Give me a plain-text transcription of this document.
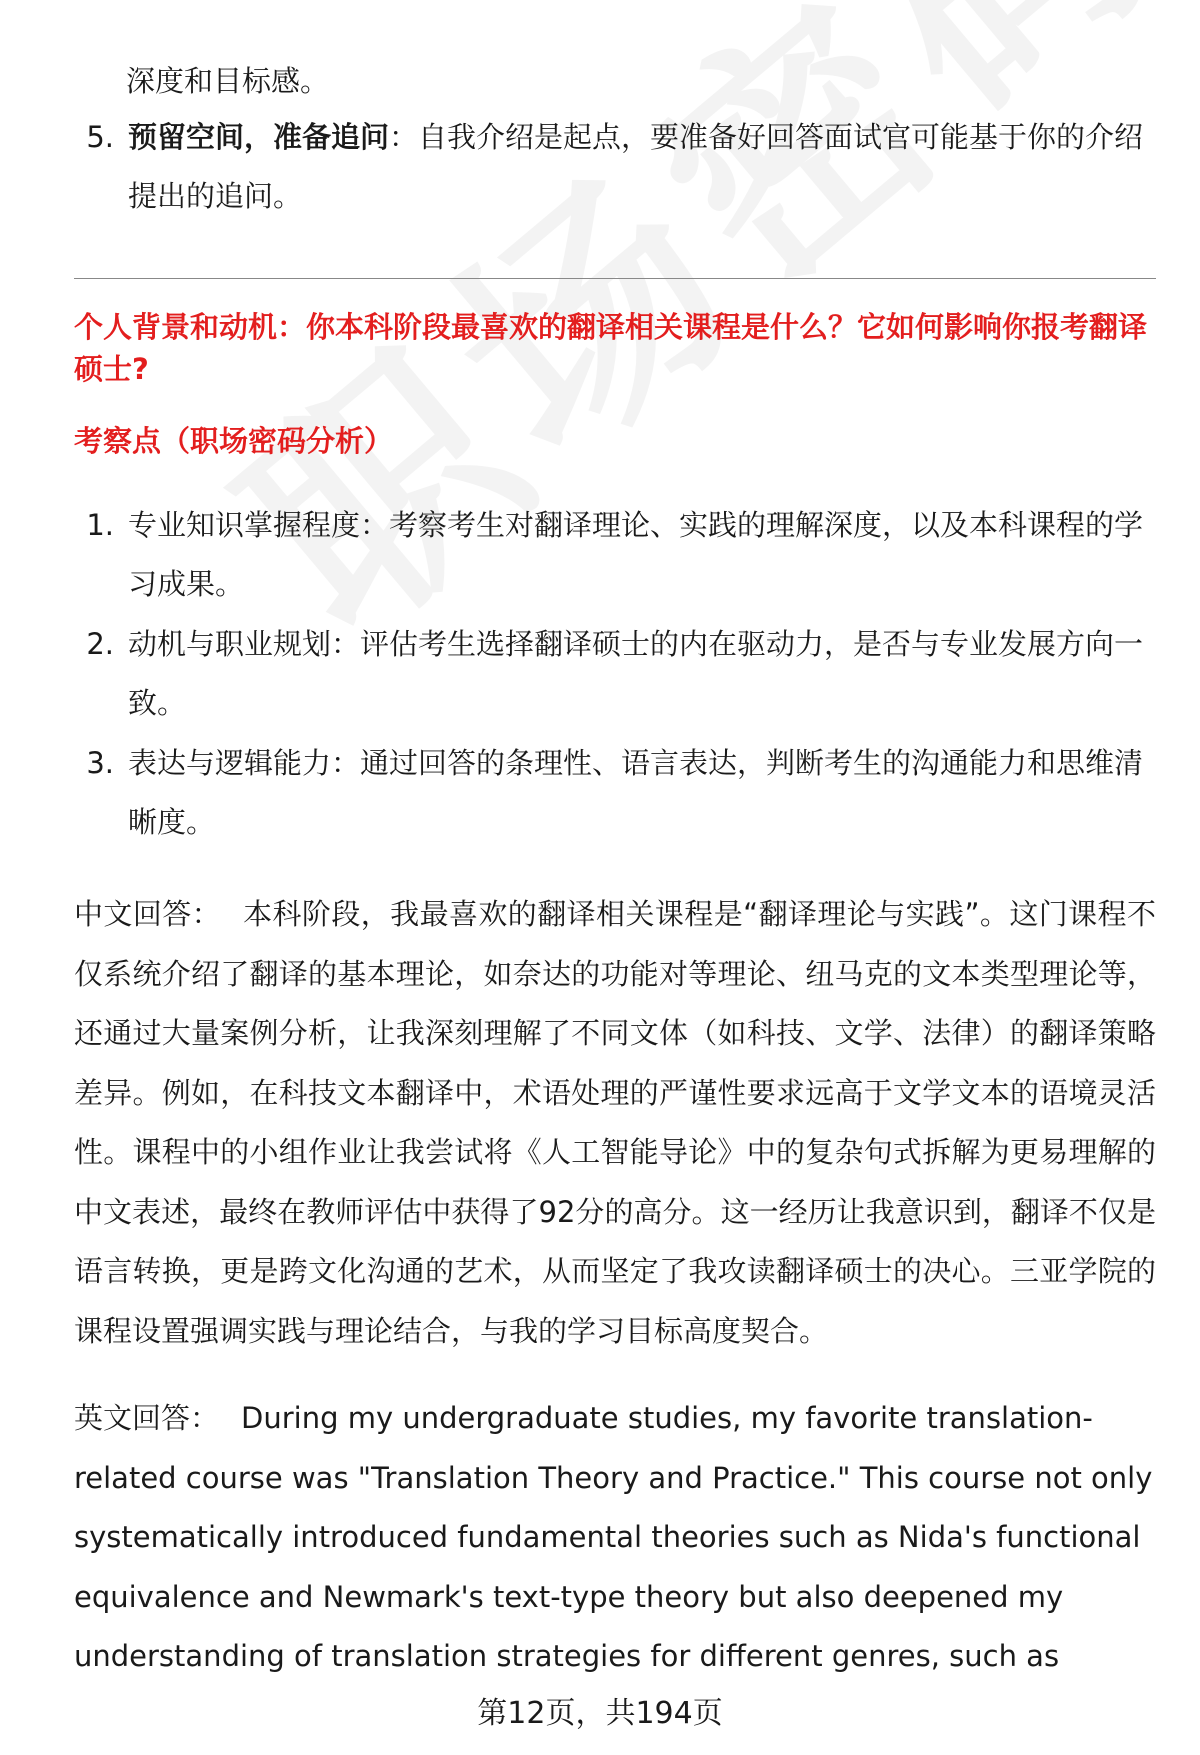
深度和目标感。
5. 预留空间，准备追问：自我介绍是起点，要准备好回答面试官可能基于你的介绍提出的追问。
个人背景和动机：你本科阶段最喜欢的翻译相关课程是什么？它如何影响你报考翻译硕士?
考察点（职场密码分析）
1. 专业知识掌握程度：考察考生对翻译理论、实践的理解深度，以及本科课程的学习成果。
2. 动机与职业规划：评估考生选择翻译硕士的内在驱动力，是否与专业发展方向一致。
3. 表达与逻辑能力：通过回答的条理性、语言表达，判断考生的沟通能力和思维清晰度。
中文回答： 本科阶段，我最喜欢的翻译相关课程是“翻译理论与实践”。这门课程不仅系统介绍了翻译的基本理论，如奈达的功能对等理论、纽马克的文本类型理论等，还通过大量案例分析，让我深刻理解了不同文体（如科技、文学、法律）的翻译策略差异。例如，在科技文本翻译中，术语处理的严谨性要求远高于文学文本的语境灵活性。课程中的小组作业让我尝试将《人工智能导论》中的复杂句式拆解为更易理解的中文表述，最终在教师评估中获得了92分的高分。这一经历让我意识到，翻译不仅是语言转换，更是跨文化沟通的艺术，从而坚定了我攻读翻译硕士的决心。三亚学院的课程设置强调实践与理论结合，与我的学习目标高度契合。
英文回答： During my undergraduate studies, my favorite translation-related course was "Translation Theory and Practice." This course not only systematically introduced fundamental theories such as Nida's functional equivalence and Newmark's text-type theory but also deepened my understanding of translation strategies for different genres, such as
第12页，共194页
